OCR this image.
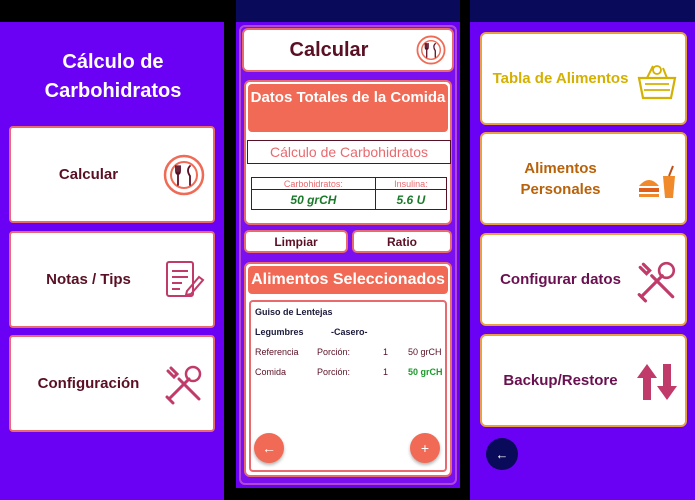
Cálculo de
Carbohidratos
Calcular
Notas / Tips
Configuración
Calcular
Datos Totales de la Comida
Cálculo de Carbohidratos
Carbohidratos:	Insulina:
50 grCH	5.6 U
Limpiar	Ratio
Alimentos Seleccionados
Guiso de Lentejas
Legumbres	-Casero-
Referencia Porción:	1 50 grCH
Comida	Porción:	1 50 grCH
←	+
Tabla de Alimentos
Alimentos Personales
Configurar datos
Backup/Restore
←
